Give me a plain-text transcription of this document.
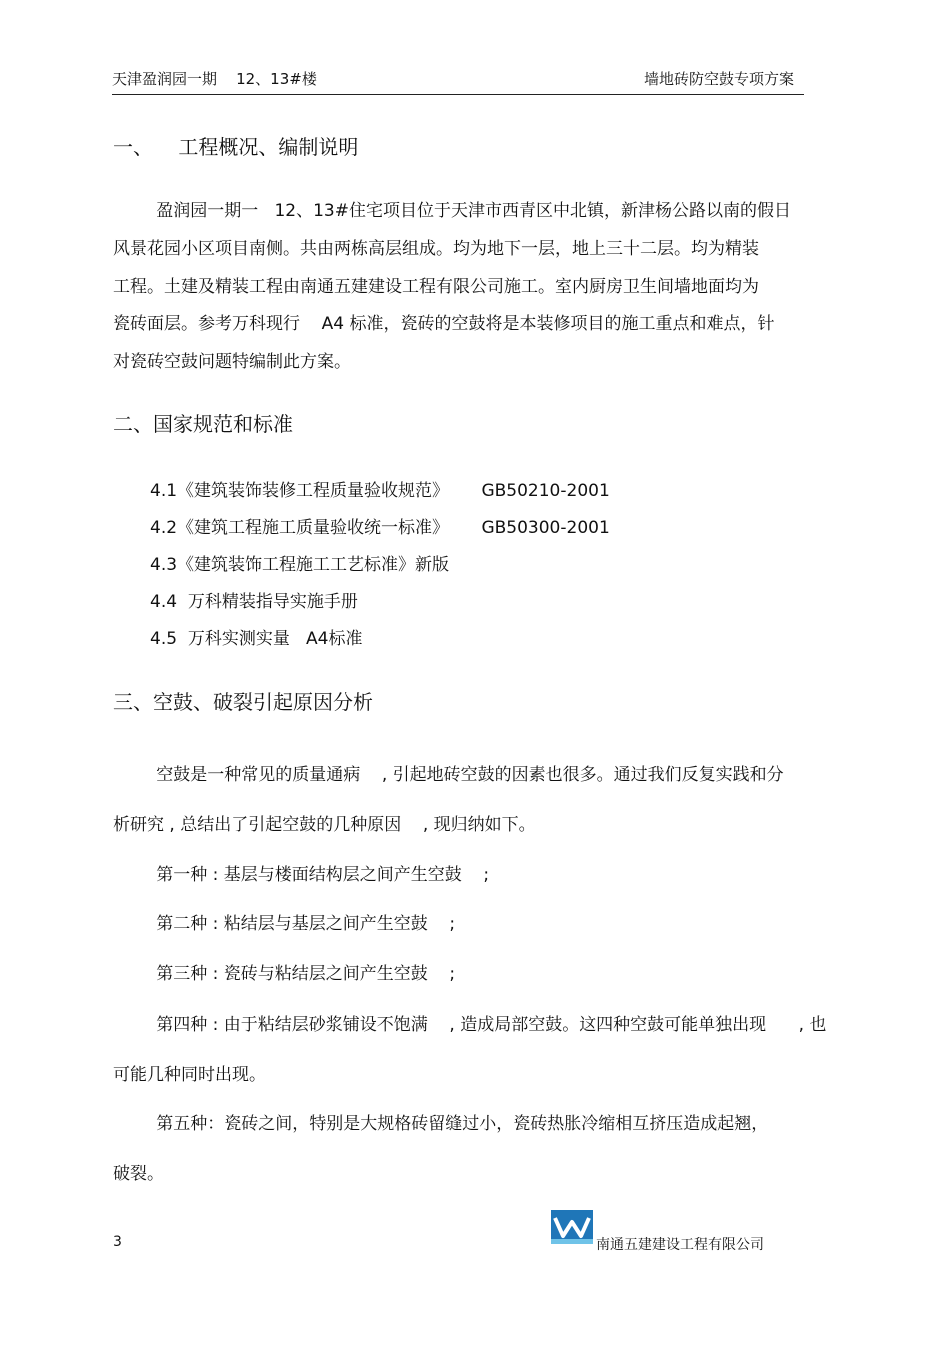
天津盈润园一期    12、13#楼	墙地砖防空鼓专项方案
一、    工程概况、编制说明
盈润园一期一   12、13#住宅项目位于天津市西青区中北镇，新津杨公路以南的假日
风景花园小区项目南侧。共由两栋高层组成。均为地下一层，地上三十二层。均为精装
工程。土建及精装工程由南通五建建设工程有限公司施工。室内厨房卫生间墙地面均为
瓷砖面层。参考万科现行    A4 标准，瓷砖的空鼓将是本装修项目的施工重点和难点，针
对瓷砖空鼓问题特编制此方案。
二、国家规范和标准
4.1《建筑装饰装修工程质量验收规范》      GB50210-2001
4.2《建筑工程施工质量验收统一标准》      GB50300-2001
4.3《建筑装饰工程施工工艺标准》新版
4.4  万科精装指导实施手册
4.5  万科实测实量   A4标准
三、空鼓、破裂引起原因分析
空鼓是一种常见的质量通病    , 引起地砖空鼓的因素也很多。通过我们反复实践和分
析研究 , 总结出了引起空鼓的几种原因    , 现归纳如下。
第一种 : 基层与楼面结构层之间产生空鼓    ;
第二种 : 粘结层与基层之间产生空鼓    ;
第三种 : 瓷砖与粘结层之间产生空鼓    ;
第四种 : 由于粘结层砂浆铺设不饱满    , 造成局部空鼓。这四种空鼓可能单独出现      , 也
可能几种同时出现。
第五种：瓷砖之间，特别是大规格砖留缝过小，瓷砖热胀冷缩相互挤压造成起翘，
破裂。
3	南通五建建设工程有限公司
